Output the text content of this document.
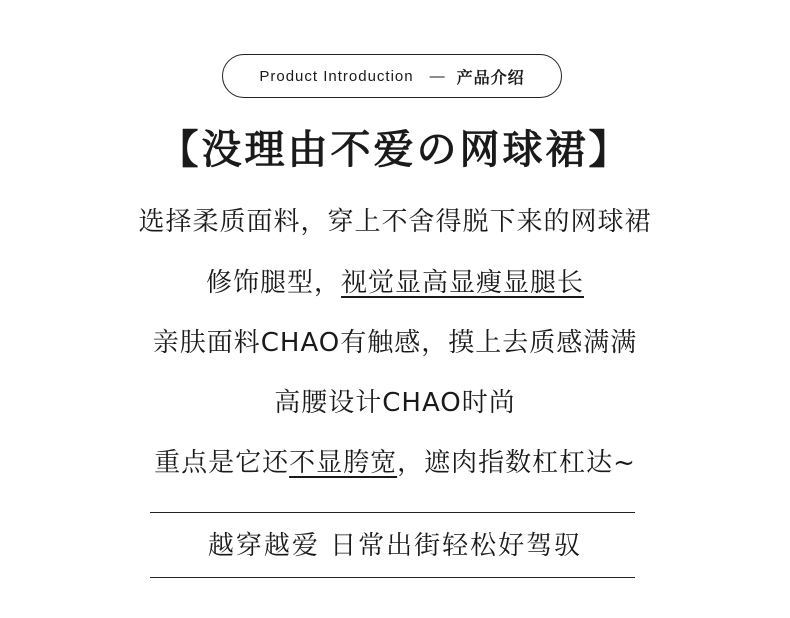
Product Introduction — 产品介绍
【没理由不爱の网球裙】
选择柔质面料，穿上不舍得脱下来的网球裙
修饰腿型，视觉显高显瘦显腿长
亲肤面料CHAO有触感，摸上去质感满满
高腰设计CHAO时尚
重点是它还不显胯宽，遮肉指数杠杠达~
越穿越爱 日常出街轻松好驾驭
